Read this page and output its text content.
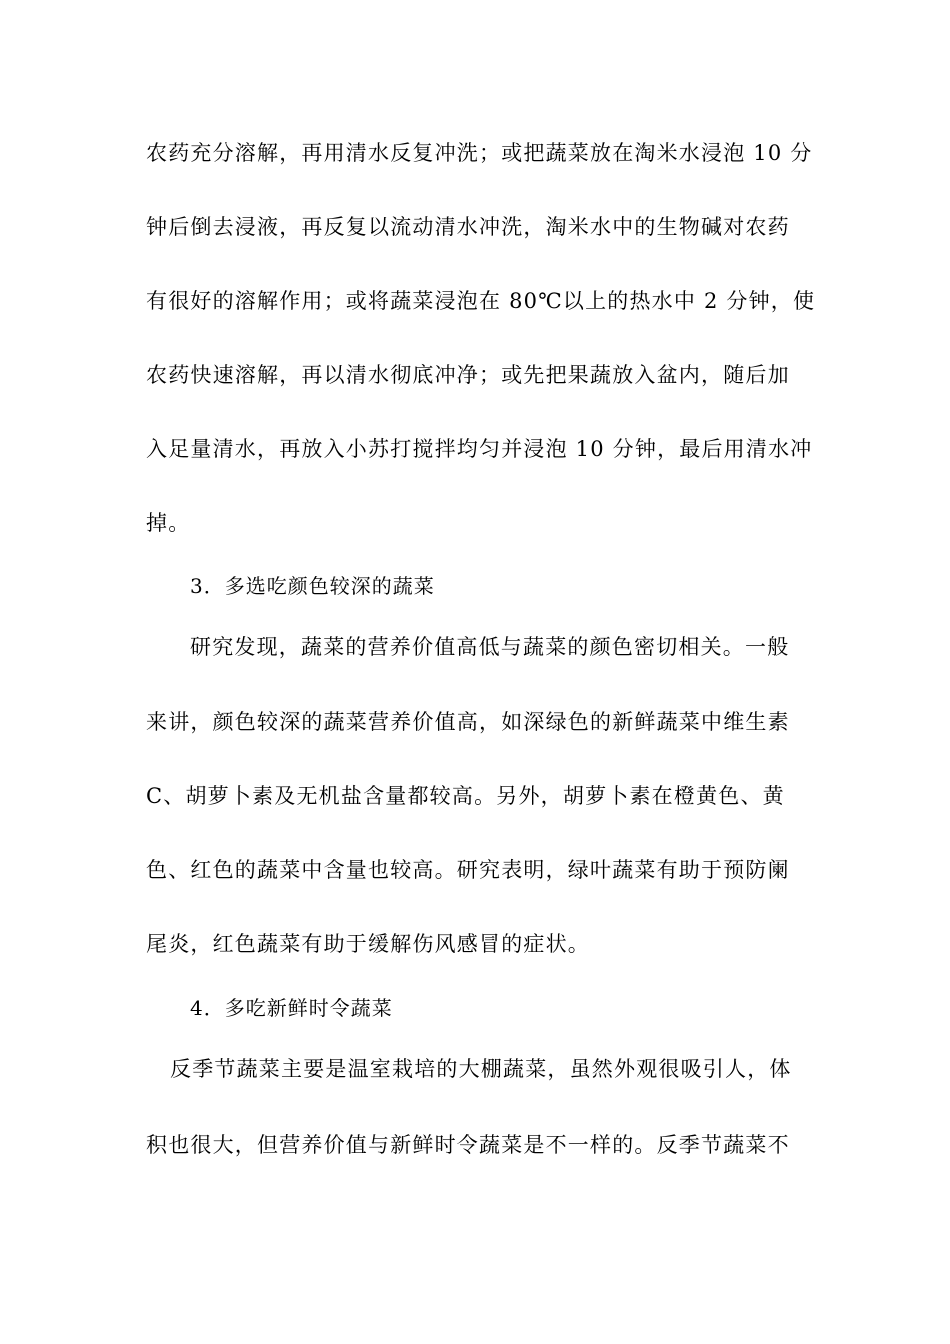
农药充分溶解，再用清水反复冲洗；或把蔬菜放在淘米水浸泡 10 分
钟后倒去浸液，再反复以流动清水冲洗，淘米水中的生物碱对农药
有很好的溶解作用；或将蔬菜浸泡在 80℃以上的热水中 2 分钟，使
农药快速溶解，再以清水彻底冲净；或先把果蔬放入盆内，随后加
入足量清水，再放入小苏打搅拌均匀并浸泡 10 分钟，最后用清水冲
掉。
3．多选吃颜色较深的蔬菜
研究发现，蔬菜的营养价值高低与蔬菜的颜色密切相关。一般
来讲，颜色较深的蔬菜营养价值高，如深绿色的新鲜蔬菜中维生素
C、胡萝卜素及无机盐含量都较高。另外，胡萝卜素在橙黄色、黄
色、红色的蔬菜中含量也较高。研究表明，绿叶蔬菜有助于预防阑
尾炎，红色蔬菜有助于缓解伤风感冒的症状。
4．多吃新鲜时令蔬菜
反季节蔬菜主要是温室栽培的大棚蔬菜，虽然外观很吸引人，体
积也很大，但营养价值与新鲜时令蔬菜是不一样的。反季节蔬菜不
